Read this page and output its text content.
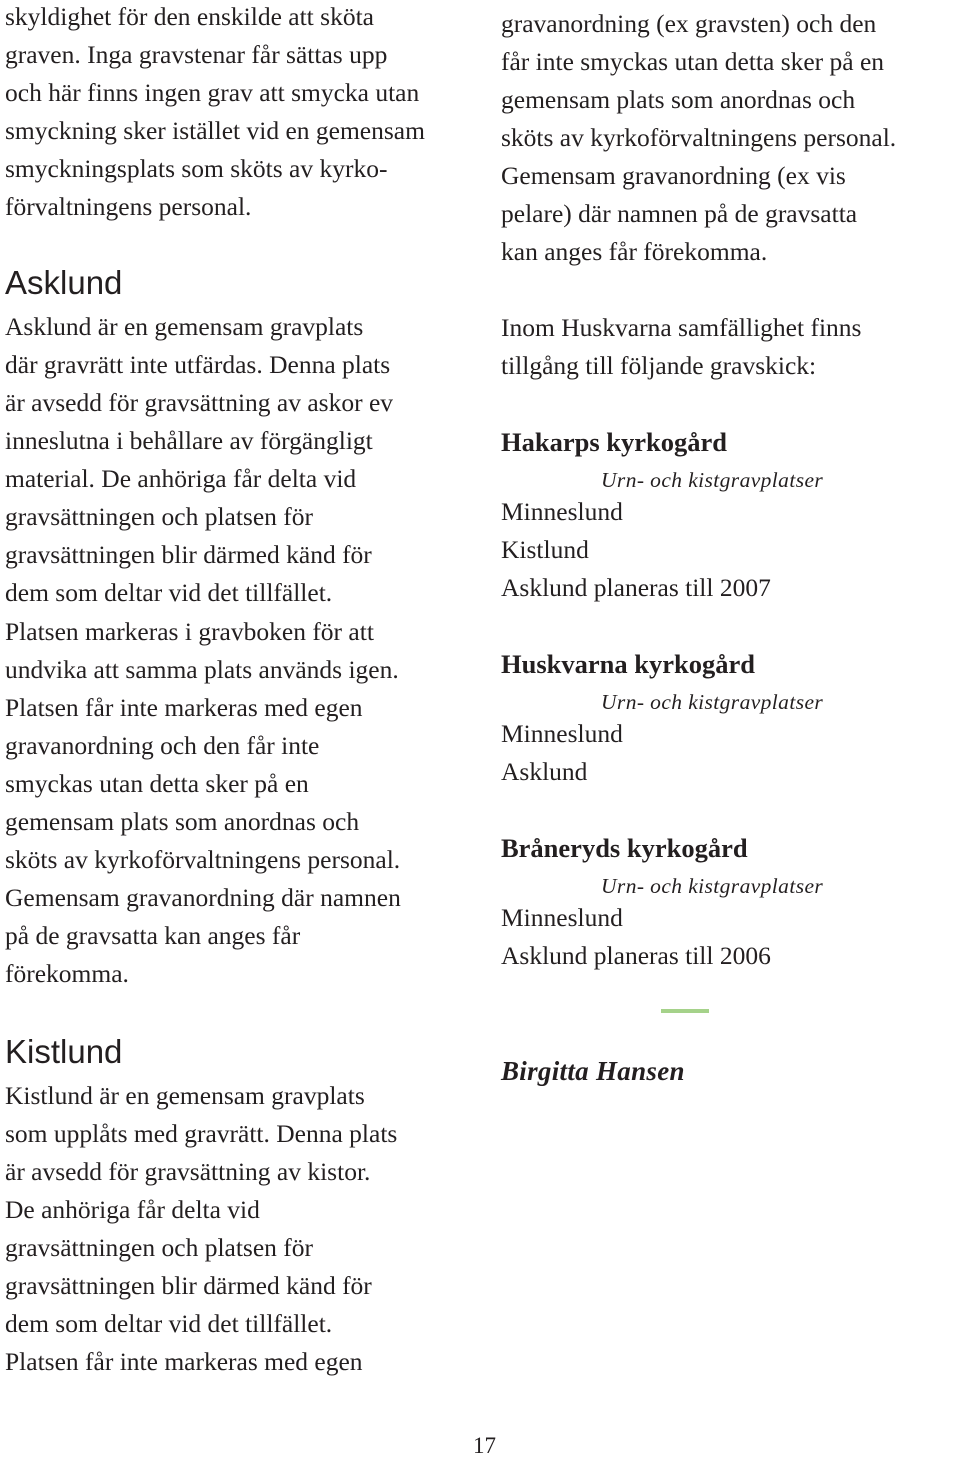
skyldighet för den enskilde att sköta
graven. Inga gravstenar får sättas upp
och här finns ingen grav att smycka utan
smyckning sker istället vid en gemensam
smyckningsplats som sköts av kyrko-
förvaltningens personal.
Asklund
Asklund är en gemensam gravplats
där gravrätt inte utfärdas. Denna plats
är avsedd för gravsättning av askor ev
inneslutna i behållare av förgängligt
material. De anhöriga får delta vid
gravsättningen och platsen för
gravsättningen blir därmed känd för
dem som deltar vid det tillfället.
Platsen markeras i gravboken för att
undvika att samma plats används igen.
Platsen får inte markeras med egen
gravanordning och den får inte
smyckas utan detta sker på en
gemensam plats som anordnas och
sköts av kyrkoförvaltningens personal.
Gemensam gravanordning där namnen
på de gravsatta kan anges får
förekomma.
Kistlund
Kistlund är en gemensam gravplats
som upplåts med gravrätt. Denna plats
är avsedd för gravsättning av kistor.
De anhöriga får delta vid
gravsättningen och platsen för
gravsättningen blir därmed känd för
dem som deltar vid det tillfället.
Platsen får inte markeras med egen
gravanordning (ex gravsten) och den
får inte smyckas utan detta sker på en
gemensam plats som anordnas och
sköts av kyrkoförvaltningens personal.
Gemensam gravanordning (ex vis
pelare) där namnen på de gravsatta
kan anges får förekomma.
Inom Huskvarna samfällighet finns
tillgång till följande gravskick:
Hakarps kyrkogård
Urn- och kistgravplatser
Minneslund
Kistlund
Asklund planeras till 2007
Huskvarna kyrkogård
Urn- och kistgravplatser
Minneslund
Asklund
Bråneryds kyrkogård
Urn- och kistgravplatser
Minneslund
Asklund planeras till 2006
Birgitta Hansen
17
